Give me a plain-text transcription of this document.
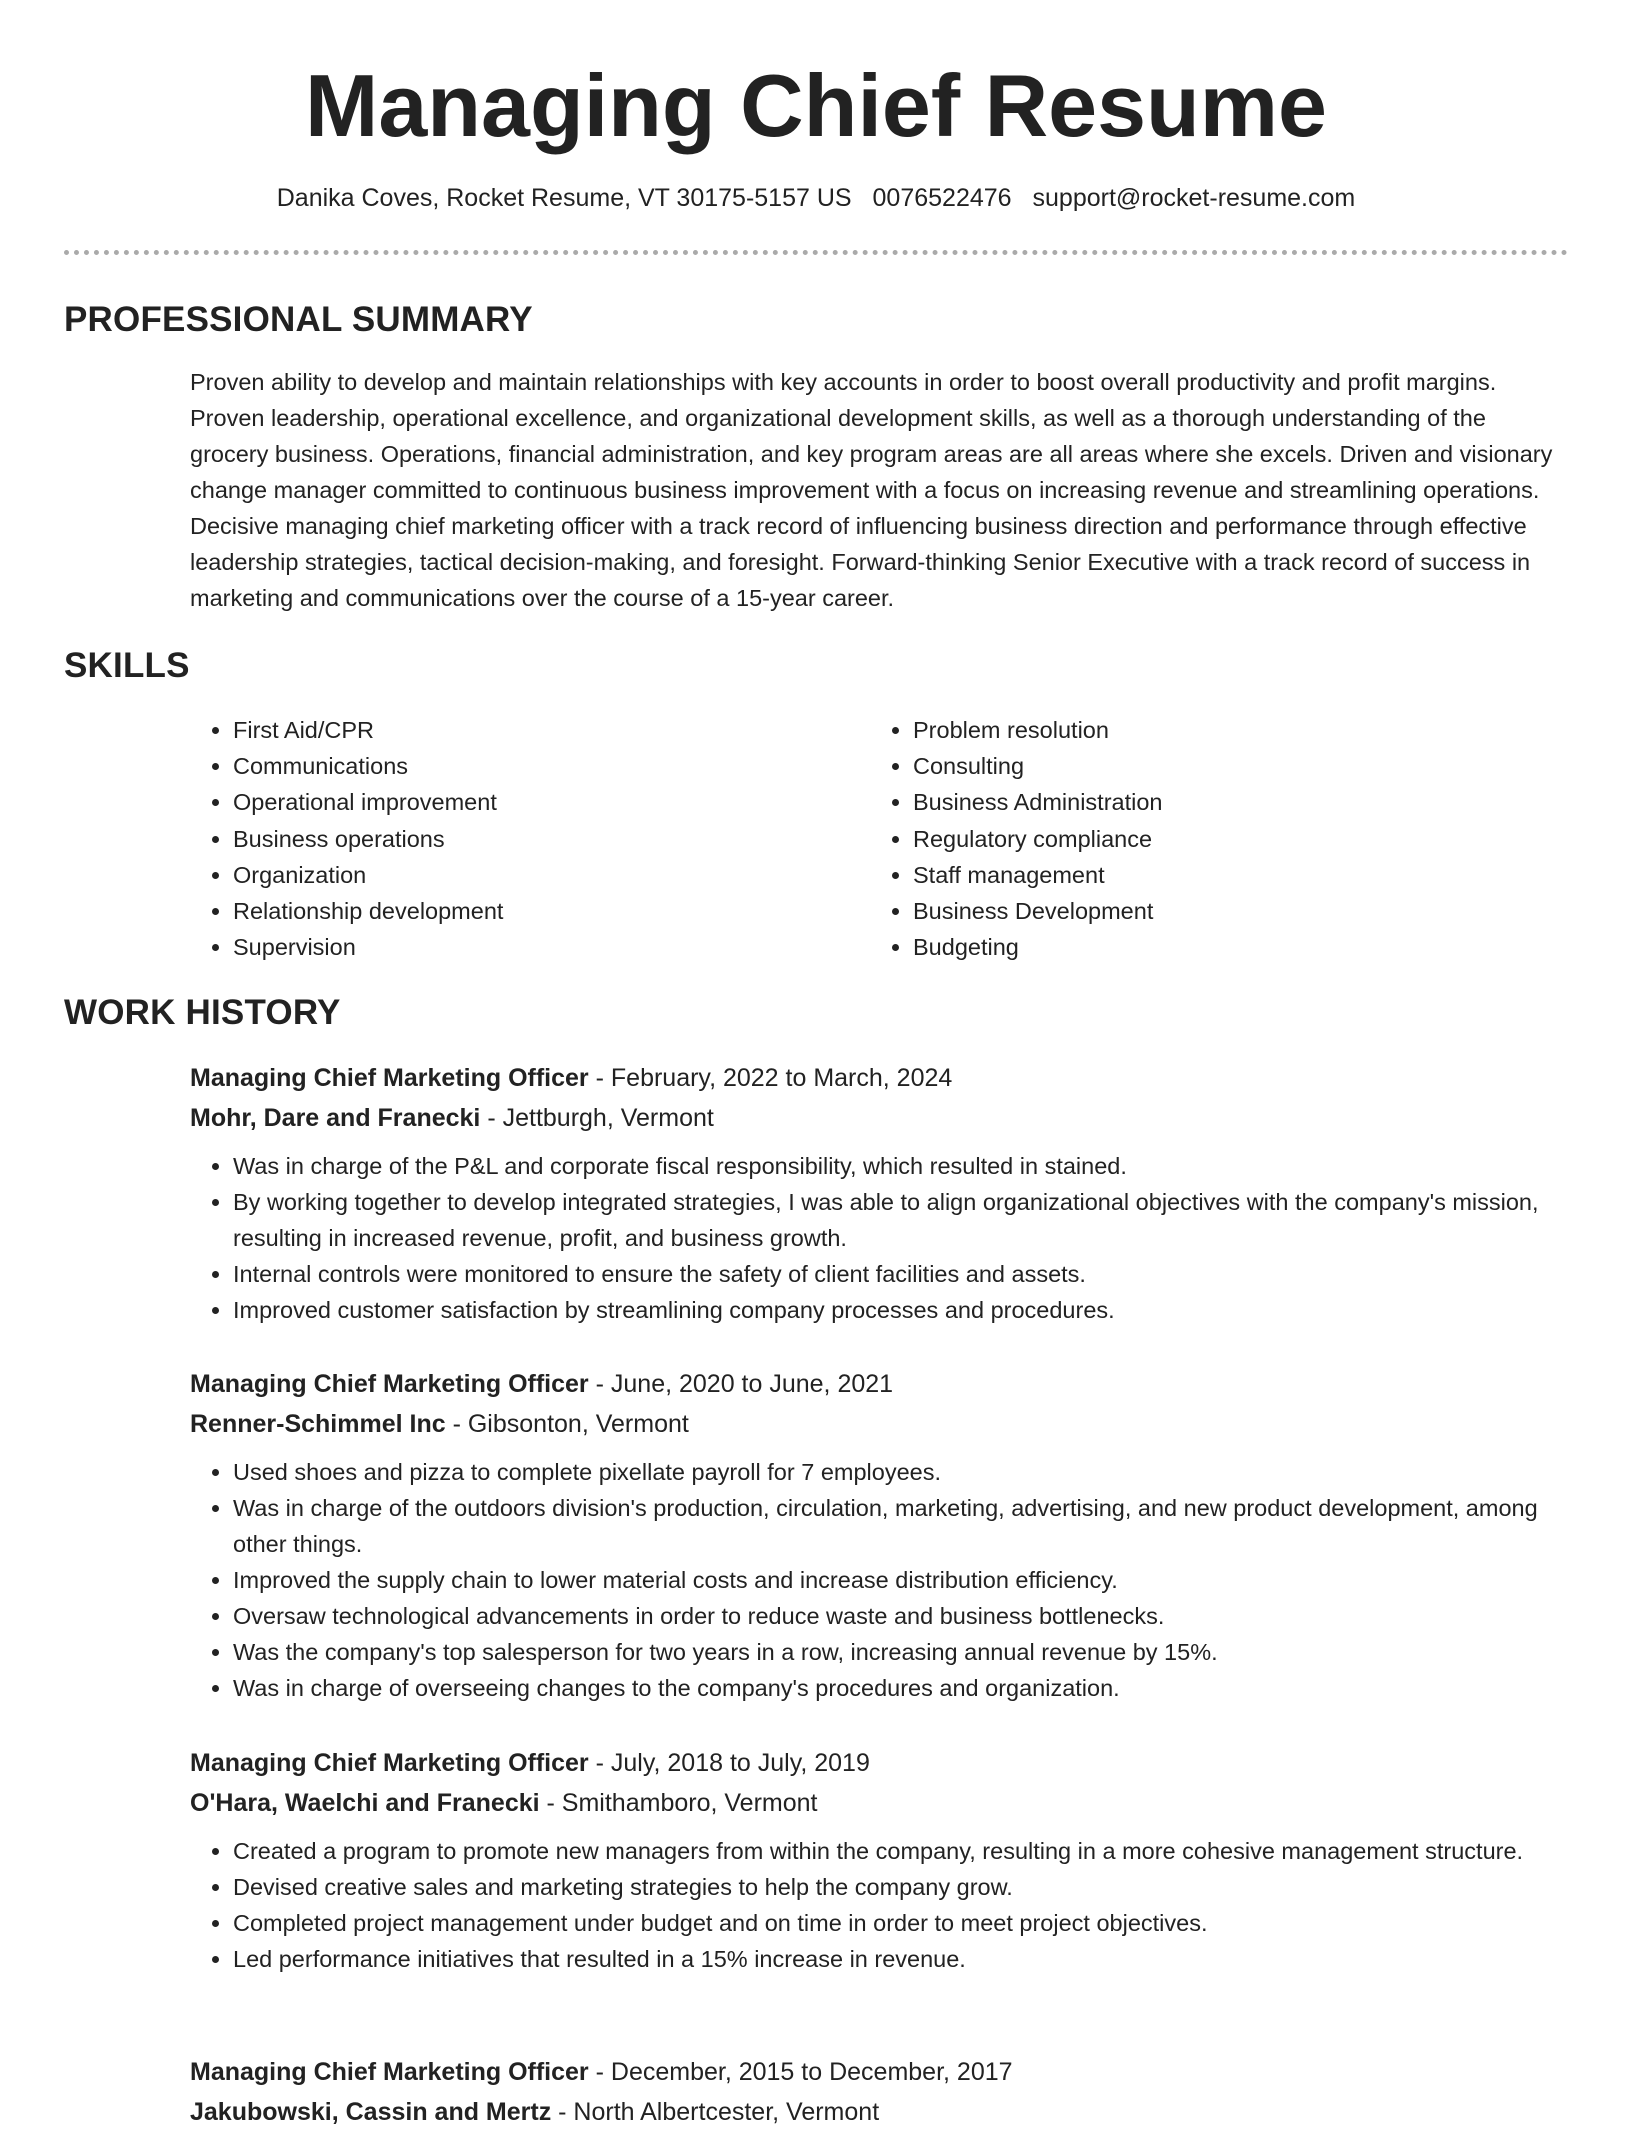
Managing Chief Resume
Danika Coves, Rocket Resume, VT 30175-5157 US 0076522476 support@rocket-resume.com
PROFESSIONAL SUMMARY

Proven ability to develop and maintain relationships with key accounts in order to boost overall productivity and profit margins. Proven leadership, operational excellence, and organizational development skills, as well as a thorough understanding of the grocery business. Operations, financial administration, and key program areas are all areas where she excels. Driven and visionary change manager committed to continuous business improvement with a focus on increasing revenue and streamlining operations. Decisive managing chief marketing officer with a track record of influencing business direction and performance through effective leadership strategies, tactical decision-making, and foresight. Forward-thinking Senior Executive with a track record of success in marketing and communications over the course of a 15-year career.

SKILLS
• First Aid/CPR
• Communications
• Operational improvement
• Business operations
• Organization
• Relationship development
• Supervision
• Problem resolution
• Consulting
• Business Administration
• Regulatory compliance
• Staff management
• Business Development
• Budgeting
WORK HISTORY

Managing Chief Marketing Officer - February, 2022 to March, 2024

Mohr, Dare and Franecki - Jettburgh, Vermont

• Was in charge of the P&L and corporate fiscal responsibility, which resulted in stained.
• By working together to develop integrated strategies, I was able to align organizational objectives with the company's mission, resulting in increased revenue, profit, and business growth.
• Internal controls were monitored to ensure the safety of client facilities and assets.
• Improved customer satisfaction by streamlining company processes and procedures.

Managing Chief Marketing Officer - June, 2020 to June, 2021

Renner-Schimmel Inc - Gibsonton, Vermont

• Used shoes and pizza to complete pixellate payroll for 7 employees.
• Was in charge of the outdoors division's production, circulation, marketing, advertising, and new product development, among other things.
• Improved the supply chain to lower material costs and increase distribution efficiency.
• Oversaw technological advancements in order to reduce waste and business bottlenecks.
• Was the company's top salesperson for two years in a row, increasing annual revenue by 15%.
• Was in charge of overseeing changes to the company's procedures and organization.

Managing Chief Marketing Officer - July, 2018 to July, 2019

O'Hara, Waelchi and Franecki - Smithamboro, Vermont

• Created a program to promote new managers from within the company, resulting in a more cohesive management structure.
• Devised creative sales and marketing strategies to help the company grow.
• Completed project management under budget and on time in order to meet project objectives.
• Led performance initiatives that resulted in a 15% increase in revenue.

Managing Chief Marketing Officer - December, 2015 to December, 2017

Jakubowski, Cassin and Mertz - North Albertcester, Vermont
